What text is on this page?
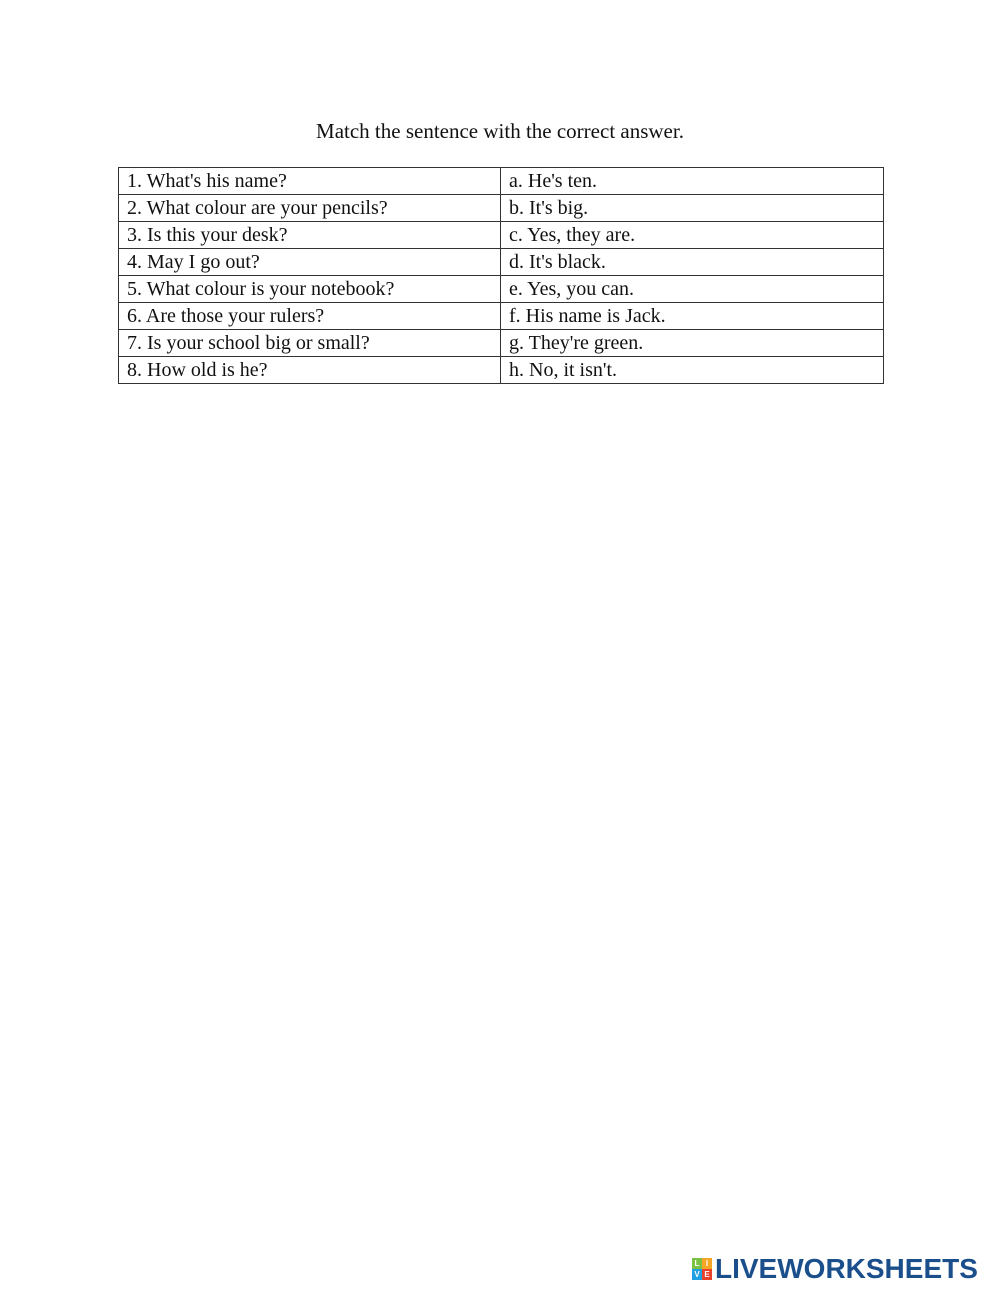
Match the sentence with the correct answer.
1. What's his name?	a. He's ten.
2. What colour are your pencils?	b. It's big.
3. Is this your desk?	c. Yes, they are.
4. May I go out?	d. It's black.
5. What colour is your notebook?	e. Yes, you can.
6. Are those your rulers?	f. His name is Jack.
7. Is your school big or small?	g. They're green.
8. How old is he?	h. No, it isn't.
L I
V E LIVEWORKSHEETS
